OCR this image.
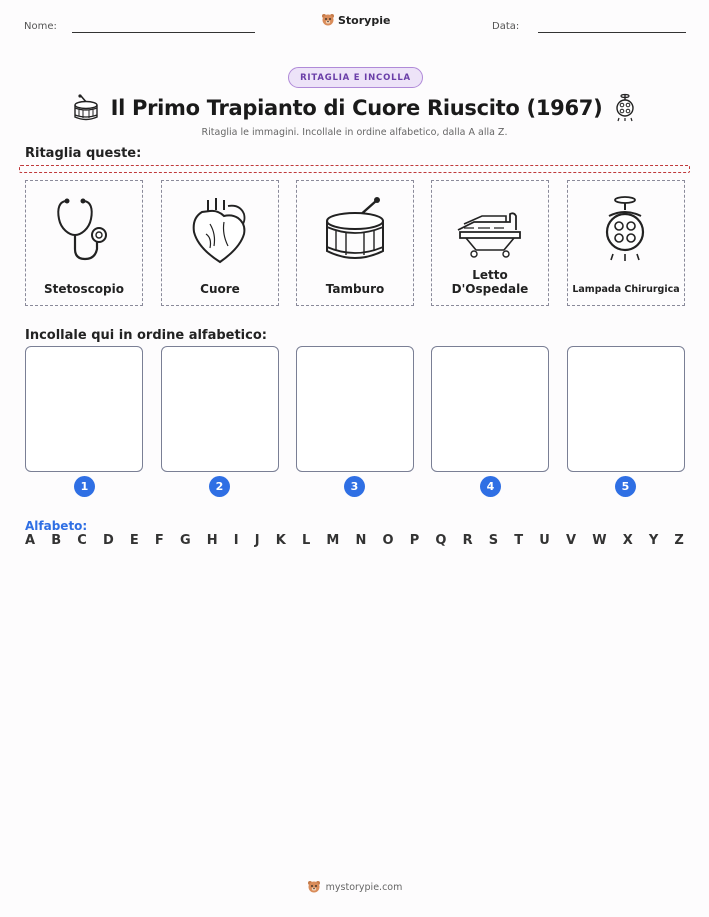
Nome:	Storypie	Data:
RITAGLIA E INCOLLA
Il Primo Trapianto di Cuore Riuscito (1967)
Ritaglia le immagini. Incollale in ordine alfabetico, dalla A alla Z.
Ritaglia queste:
Stetoscopio	Cuore	Tamburo
Letto D'Ospedale	Lampada Chirurgica
Incollale qui in ordine alfabetico:
1	2	3	4	5
Alfabeto:
A B C D E F G H I J K L M N O P Q R S T U V W X Y Z
mystorypie.com
